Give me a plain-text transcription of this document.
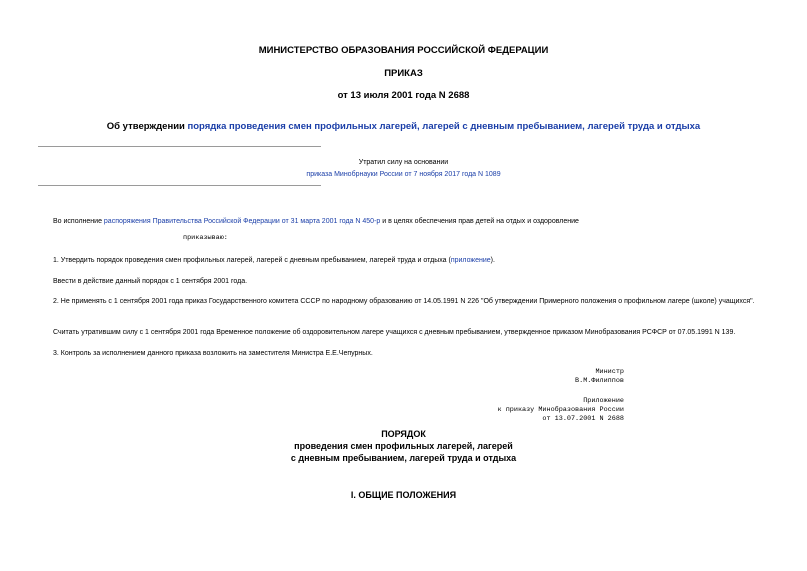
МИНИСТЕРСТВО ОБРАЗОВАНИЯ РОССИЙСКОЙ ФЕДЕРАЦИИ
ПРИКАЗ
от 13 июля 2001 года N 2688
Об утверждении порядка проведения смен профильных лагерей, лагерей с дневным пребыванием, лагерей труда и отдыха
Утратил силу на основании
приказа Минобрнауки России от 7 ноября 2017 года N 1089
Во исполнение распоряжения Правительства Российской Федерации от 31 марта 2001 года N 450-р и в целях обеспечения прав детей на отдых и оздоровление
приказываю:
1. Утвердить порядок проведения смен профильных лагерей, лагерей с дневным пребыванием, лагерей труда и отдыха (приложение).
Ввести в действие данный порядок с 1 сентября 2001 года.
2. Не применять с 1 сентября 2001 года приказ Государственного комитета СССР по народному образованию от 14.05.1991 N 226 "Об утверждении Примерного положения о профильном лагере (школе) учащихся".
Считать утратившим силу с 1 сентября 2001 года Временное положение об оздоровительном лагере учащихся с дневным пребыванием, утвержденное приказом Минобразования РСФСР от 07.05.1991 N 139.
3. Контроль за исполнением данного приказа возложить на заместителя Министра Е.Е.Чепурных.
Министр
В.М.Филиппов
Приложение
к приказу Минобразования России
от 13.07.2001 N 2688
ПОРЯДОК
проведения смен профильных лагерей, лагерей
с дневным пребыванием, лагерей труда и отдыха
I. ОБЩИЕ ПОЛОЖЕНИЯ
